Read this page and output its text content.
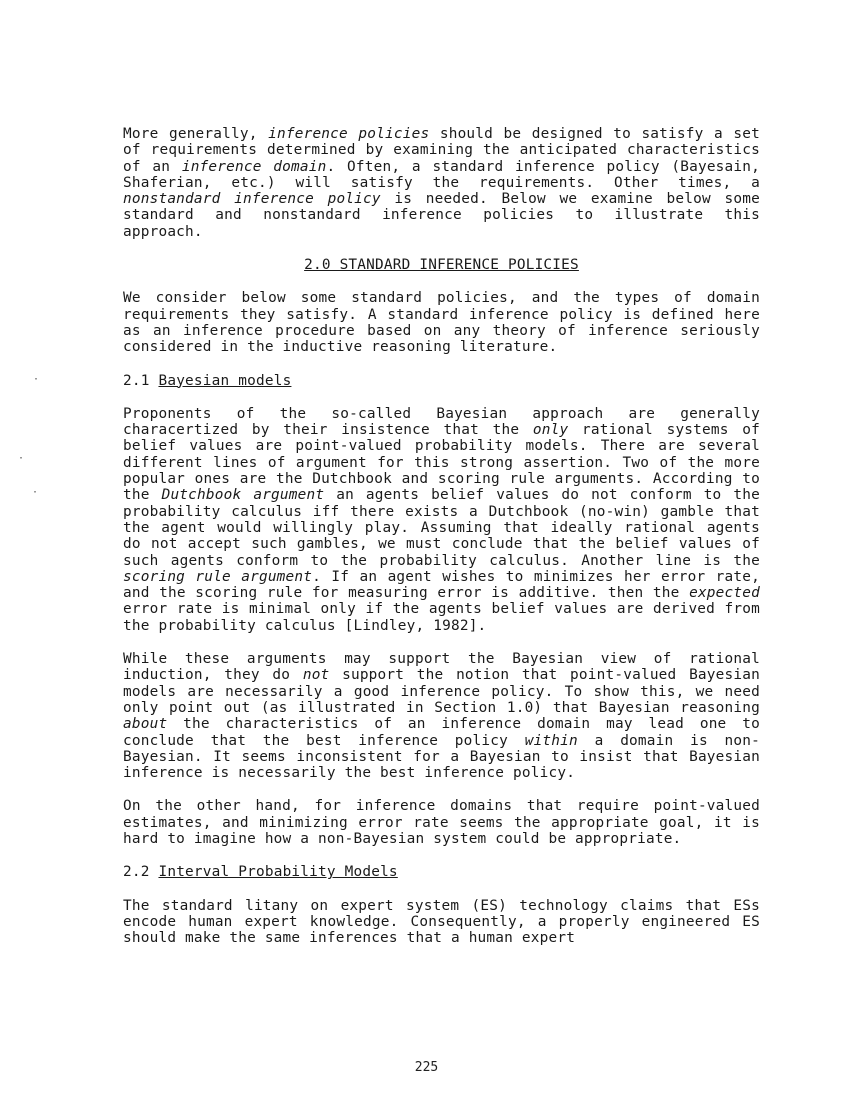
More generally, inference policies should be designed to satisfy a set of requirements determined by examining the anticipated characteristics of an inference domain. Often, a standard inference policy (Bayesain, Shaferian, etc.) will satisfy the requirements. Other times, a nonstandard inference policy is needed. Below we examine below some standard and nonstandard inference policies to illustrate this approach.

2.0 STANDARD INFERENCE POLICIES

We consider below some standard policies, and the types of domain requirements they satisfy. A standard inference policy is defined here as an inference procedure based on any theory of inference seriously considered in the inductive reasoning literature.

2.1 Bayesian models

Proponents of the so-called Bayesian approach are generally characertized by their insistence that the only rational systems of belief values are point-valued probability models. There are several different lines of argument for this strong assertion. Two of the more popular ones are the Dutchbook and scoring rule arguments. According to the Dutchbook argument an agents belief values do not conform to the probability calculus iff there exists a Dutchbook (no-win) gamble that the agent would willingly play. Assuming that ideally rational agents do not accept such gambles, we must conclude that the belief values of such agents conform to the probability calculus. Another line is the scoring rule argument. If an agent wishes to minimizes her error rate, and the scoring rule for measuring error is additive. then the expected error rate is minimal only if the agents belief values are derived from the probability calculus [Lindley, 1982].

While these arguments may support the Bayesian view of rational induction, they do not support the notion that point-valued Bayesian models are necessarily a good inference policy. To show this, we need only point out (as illustrated in Section 1.0) that Bayesian reasoning about the characteristics of an inference domain may lead one to conclude that the best inference policy within a domain is non-Bayesian. It seems inconsistent for a Bayesian to insist that Bayesian inference is necessarily the best inference policy.

On the other hand, for inference domains that require point-valued estimates, and minimizing error rate seems the appropriate goal, it is hard to imagine how a non-Bayesian system could be appropriate.

2.2 Interval Probability Models

The standard litany on expert system (ES) technology claims that ESs encode human expert knowledge. Consequently, a properly engineered ES should make the same inferences that a human expert

·
·
·
225
